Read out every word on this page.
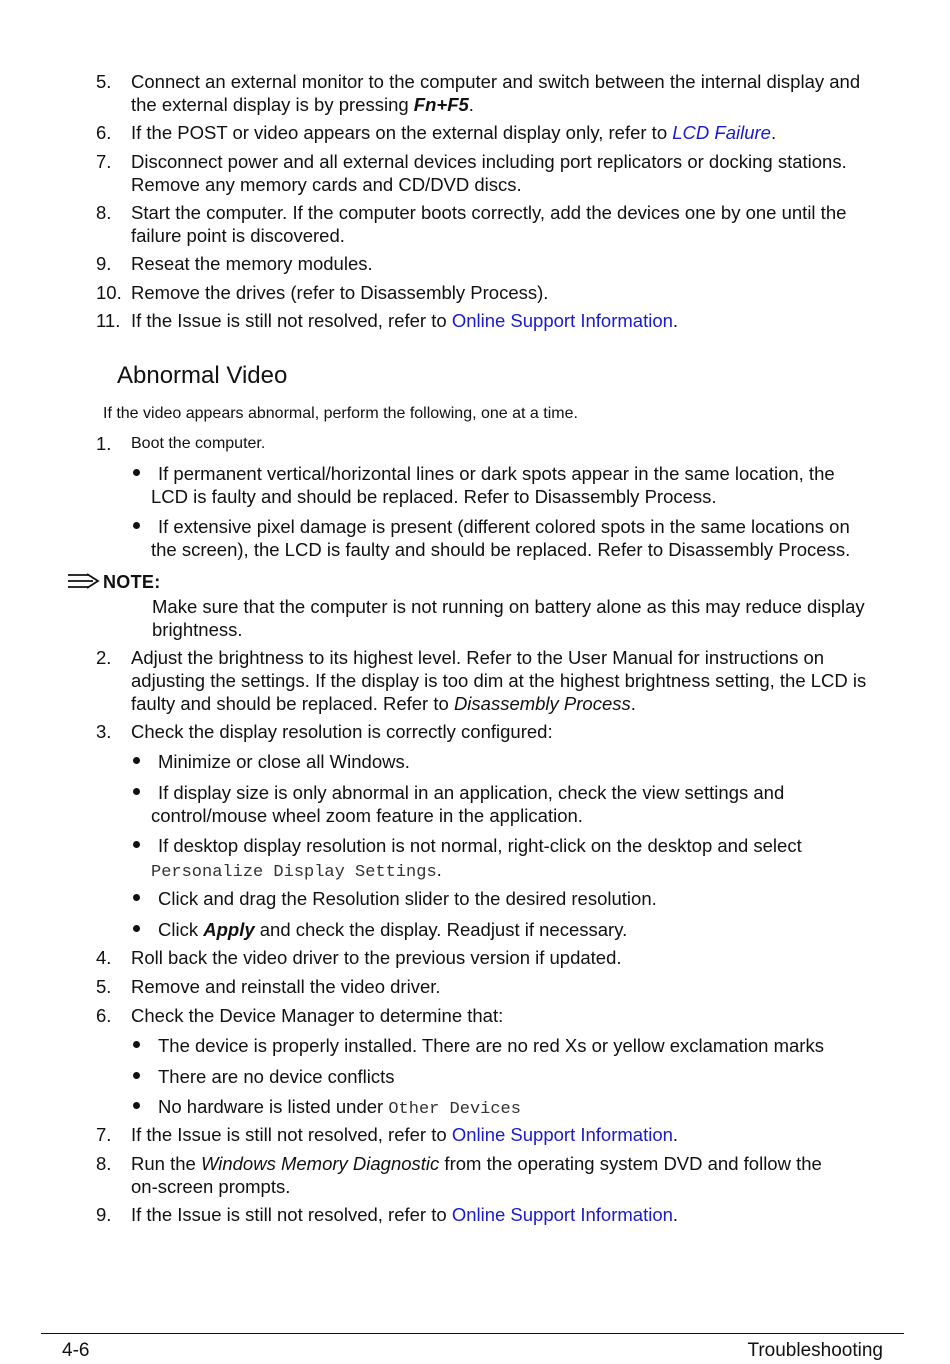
5. Connect an external monitor to the computer and switch between the internal display and
the external display is by pressing Fn+F5.
6. If the POST or video appears on the external display only, refer to LCD Failure.
7. Disconnect power and all external devices including port replicators or docking stations.
Remove any memory cards and CD/DVD discs.
8. Start the computer. If the computer boots correctly, add the devices one by one until the
failure point is discovered.
9. Reseat the memory modules.
10. Remove the drives (refer to Disassembly Process).
11. If the Issue is still not resolved, refer to Online Support Information.
Abnormal Video
If the video appears abnormal, perform the following, one at a time.
1. Boot the computer.
If permanent vertical/horizontal lines or dark spots appear in the same location, the
LCD is faulty and should be replaced. Refer to Disassembly Process.
If extensive pixel damage is present (different colored spots in the same locations on
the screen), the LCD is faulty and should be replaced. Refer to Disassembly Process.
NOTE:
Make sure that the computer is not running on battery alone as this may reduce display
brightness.
2. Adjust the brightness to its highest level. Refer to the User Manual for instructions on
adjusting the settings. If the display is too dim at the highest brightness setting, the LCD is
faulty and should be replaced. Refer to Disassembly Process.
3. Check the display resolution is correctly configured:
Minimize or close all Windows.
If display size is only abnormal in an application, check the view settings and
control/mouse wheel zoom feature in the application.
If desktop display resolution is not normal, right-click on the desktop and select
Personalize Display Settings.
Click and drag the Resolution slider to the desired resolution.
Click Apply and check the display. Readjust if necessary.
4. Roll back the video driver to the previous version if updated.
5. Remove and reinstall the video driver.
6. Check the Device Manager to determine that:
The device is properly installed. There are no red Xs or yellow exclamation marks
There are no device conflicts
No hardware is listed under Other Devices
7. If the Issue is still not resolved, refer to Online Support Information.
8. Run the Windows Memory Diagnostic from the operating system DVD and follow the
on-screen prompts.
9. If the Issue is still not resolved, refer to Online Support Information.
4-6	Troubleshooting
